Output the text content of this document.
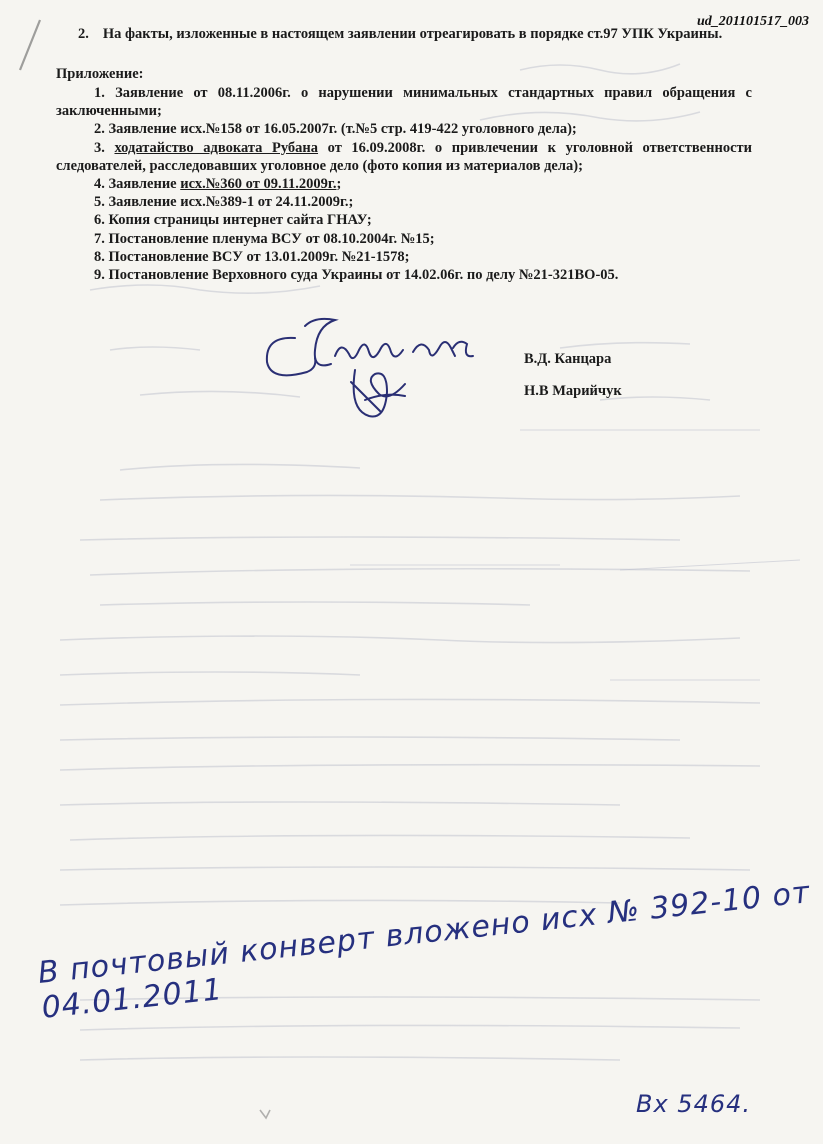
ud_201101517_003
2. На факты, изложенные в настоящем заявлении отреагировать в порядке ст.97 УПК Украины.
Приложение:
1. Заявление от 08.11.2006г. о нарушении минимальных стандартных правил обращения с заключенными;
2. Заявление исх.№158 от 16.05.2007г. (т.№5 стр. 419-422 уголовного дела);
3. ходатайство адвоката Рубана от 16.09.2008г. о привлечении к уголовной ответственности следователей, расследовавших уголовное дело (фото копия из материалов дела);
4. Заявление исх.№360 от 09.11.2009г.;
5. Заявление исх.№389-1 от 24.11.2009г.;
6. Копия страницы интернет сайта ГНАУ;
7. Постановление пленума ВСУ от 08.10.2004г. №15;
8. Постановление ВСУ от 13.01.2009г. №21-1578;
9. Постановление Верховного суда Украины от 14.02.06г. по делу №21-321ВО-05.
В.Д. Канцара
Н.В Марийчук
В почтовый конверт вложено исх № 392-10 от 04.01.2011
Вх 5464.
